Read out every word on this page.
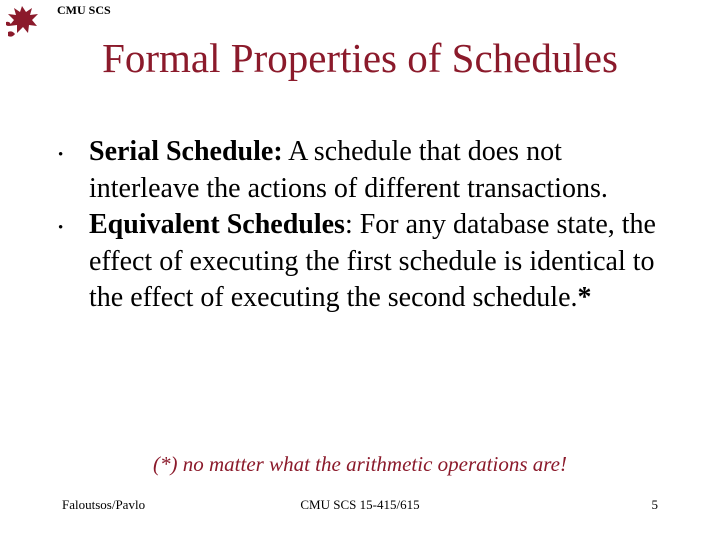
CMU SCS
Formal Properties of Schedules
• Serial Schedule: A schedule that does not interleave the actions of different transactions.
• Equivalent Schedules: For any database state, the effect of executing the first schedule is identical to the effect of executing the second schedule.*
(*) no matter what the arithmetic operations are!
Faloutsos/Pavlo	CMU SCS 15-415/615	5
